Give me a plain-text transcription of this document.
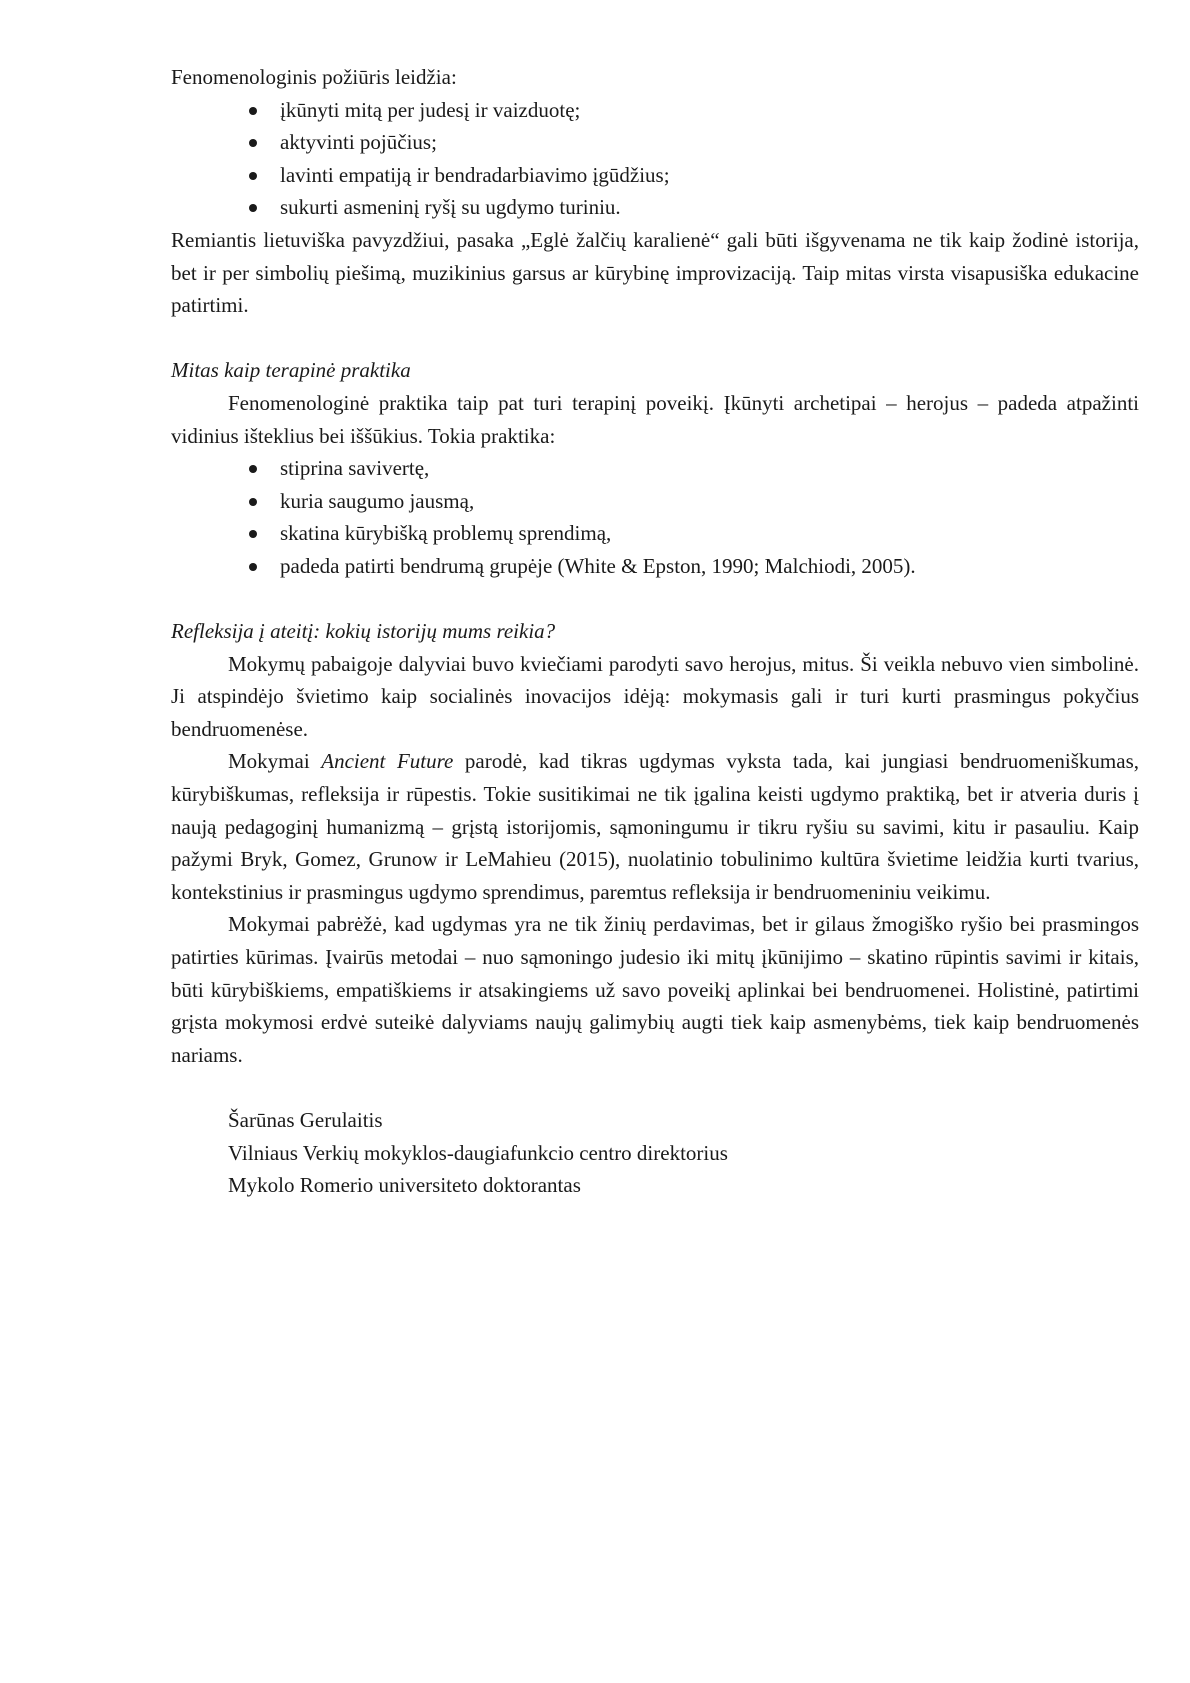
Fenomenologinis požiūris leidžia:

įkūnyti mitą per judesį ir vaizduotę;
aktyvinti pojūčius;
lavinti empatiją ir bendradarbiavimo įgūdžius;
sukurti asmeninį ryšį su ugdymo turiniu.

Remiantis lietuviška pavyzdžiui, pasaka „Eglė žalčių karalienė“ gali būti išgyvenama ne tik kaip žodinė istorija, bet ir per simbolių piešimą, muzikinius garsus ar kūrybinę improvizaciją. Taip mitas virsta visapusiška edukacine patirtimi.

Mitas kaip terapinė praktika

Fenomenologinė praktika taip pat turi terapinį poveikį. Įkūnyti archetipai – herojus – padeda atpažinti vidinius išteklius bei iššūkius. Tokia praktika:

stiprina savivertę,
kuria saugumo jausmą,
skatina kūrybišką problemų sprendimą,
padeda patirti bendrumą grupėje (White & Epston, 1990; Malchiodi, 2005).

Refleksija į ateitį: kokių istorijų mums reikia?

Mokymų pabaigoje dalyviai buvo kviečiami parodyti savo herojus, mitus. Ši veikla nebuvo vien simbolinė. Ji atspindėjo švietimo kaip socialinės inovacijos idėją: mokymasis gali ir turi kurti prasmingus pokyčius bendruomenėse.

Mokymai Ancient Future parodė, kad tikras ugdymas vyksta tada, kai jungiasi bendruomeniškumas, kūrybiškumas, refleksija ir rūpestis. Tokie susitikimai ne tik įgalina keisti ugdymo praktiką, bet ir atveria duris į naują pedagoginį humanizmą – grįstą istorijomis, sąmoningumu ir tikru ryšiu su savimi, kitu ir pasauliu. Kaip pažymi Bryk, Gomez, Grunow ir LeMahieu (2015), nuolatinio tobulinimo kultūra švietime leidžia kurti tvarius, kontekstinius ir prasmingus ugdymo sprendimus, paremtus refleksija ir bendruomeniniu veikimu.

Mokymai pabrėžė, kad ugdymas yra ne tik žinių perdavimas, bet ir gilaus žmogiško ryšio bei prasmingos patirties kūrimas. Įvairūs metodai – nuo sąmoningo judesio iki mitų įkūnijimo – skatino rūpintis savimi ir kitais, būti kūrybiškiems, empatiškiems ir atsakingiems už savo poveikį aplinkai bei bendruomenei. Holistinė, patirtimi grįsta mokymosi erdvė suteikė dalyviams naujų galimybių augti tiek kaip asmenybėms, tiek kaip bendruomenės nariams.

Šarūnas Gerulaitis

Vilniaus Verkių mokyklos-daugiafunkcio centro direktorius

Mykolo Romerio universiteto doktorantas
